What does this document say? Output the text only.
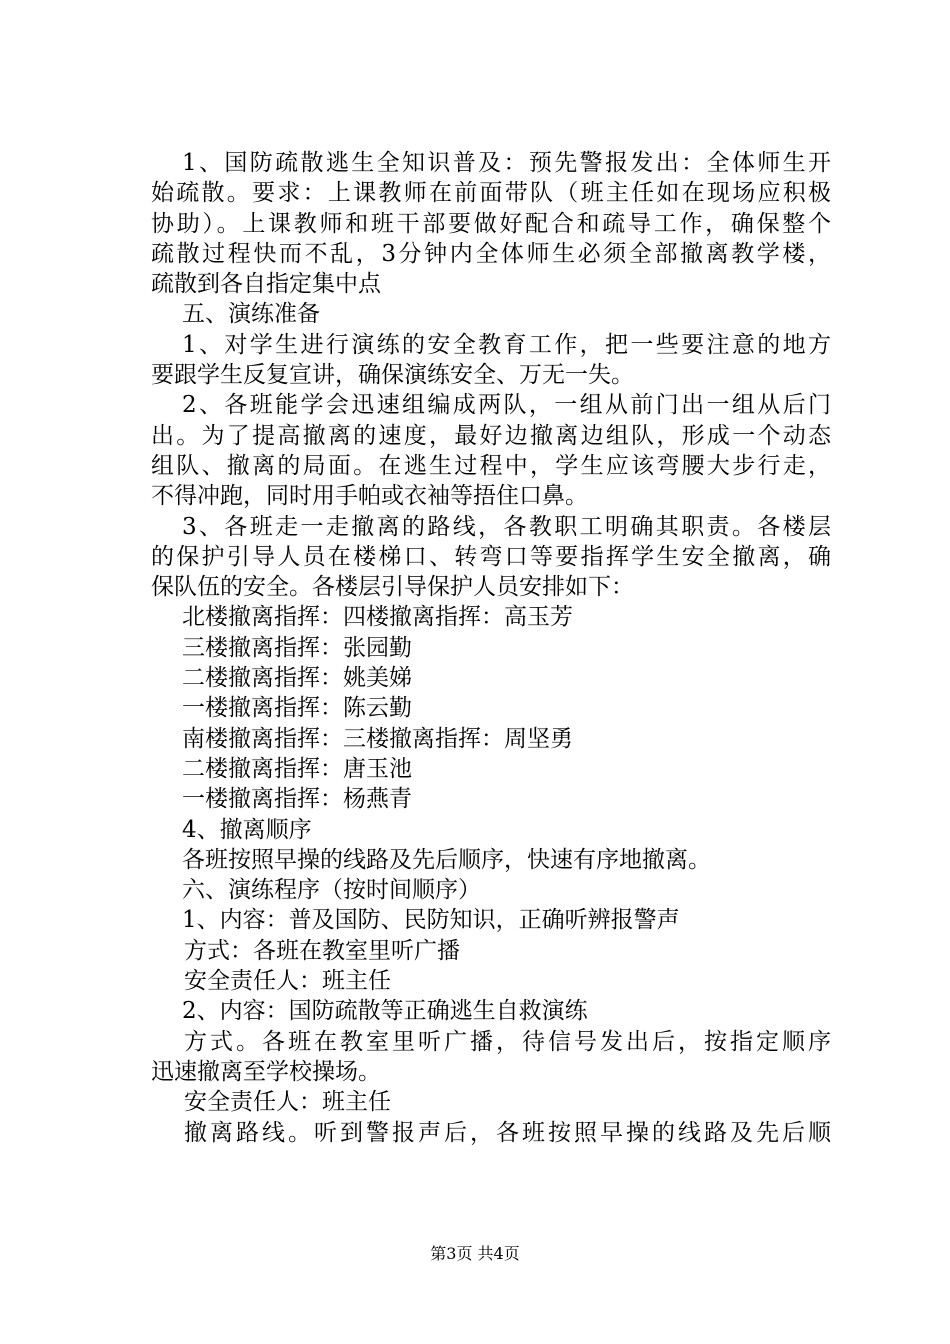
1、国防疏散逃生全知识普及：预先警报发出：全体师生开
始疏散。要求：上课教师在前面带队（班主任如在现场应积极
协助）。上课教师和班干部要做好配合和疏导工作，确保整个
疏散过程快而不乱，3分钟内全体师生必须全部撤离教学楼，
疏散到各自指定集中点
五、演练准备
1、对学生进行演练的安全教育工作，把一些要注意的地方
要跟学生反复宣讲，确保演练安全、万无一失。
2、各班能学会迅速组编成两队，一组从前门出一组从后门
出。为了提高撤离的速度，最好边撤离边组队，形成一个动态
组队、撤离的局面。在逃生过程中，学生应该弯腰大步行走，
不得冲跑，同时用手帕或衣袖等捂住口鼻。
3、各班走一走撤离的路线，各教职工明确其职责。各楼层
的保护引导人员在楼梯口、转弯口等要指挥学生安全撤离，确
保队伍的安全。各楼层引导保护人员安排如下：
北楼撤离指挥：四楼撤离指挥：高玉芳
三楼撤离指挥：张园勤
二楼撤离指挥：姚美娣
一楼撤离指挥：陈云勤
南楼撤离指挥：三楼撤离指挥：周坚勇
二楼撤离指挥：唐玉池
一楼撤离指挥：杨燕青
4、撤离顺序
各班按照早操的线路及先后顺序，快速有序地撤离。
六、演练程序（按时间顺序）
1、内容：普及国防、民防知识，正确听辨报警声
方式：各班在教室里听广播
安全责任人：班主任
2、内容：国防疏散等正确逃生自救演练
方式。各班在教室里听广播，待信号发出后，按指定顺序
迅速撤离至学校操场。
安全责任人：班主任
撤离路线。听到警报声后，各班按照早操的线路及先后顺
第3页 共4页
